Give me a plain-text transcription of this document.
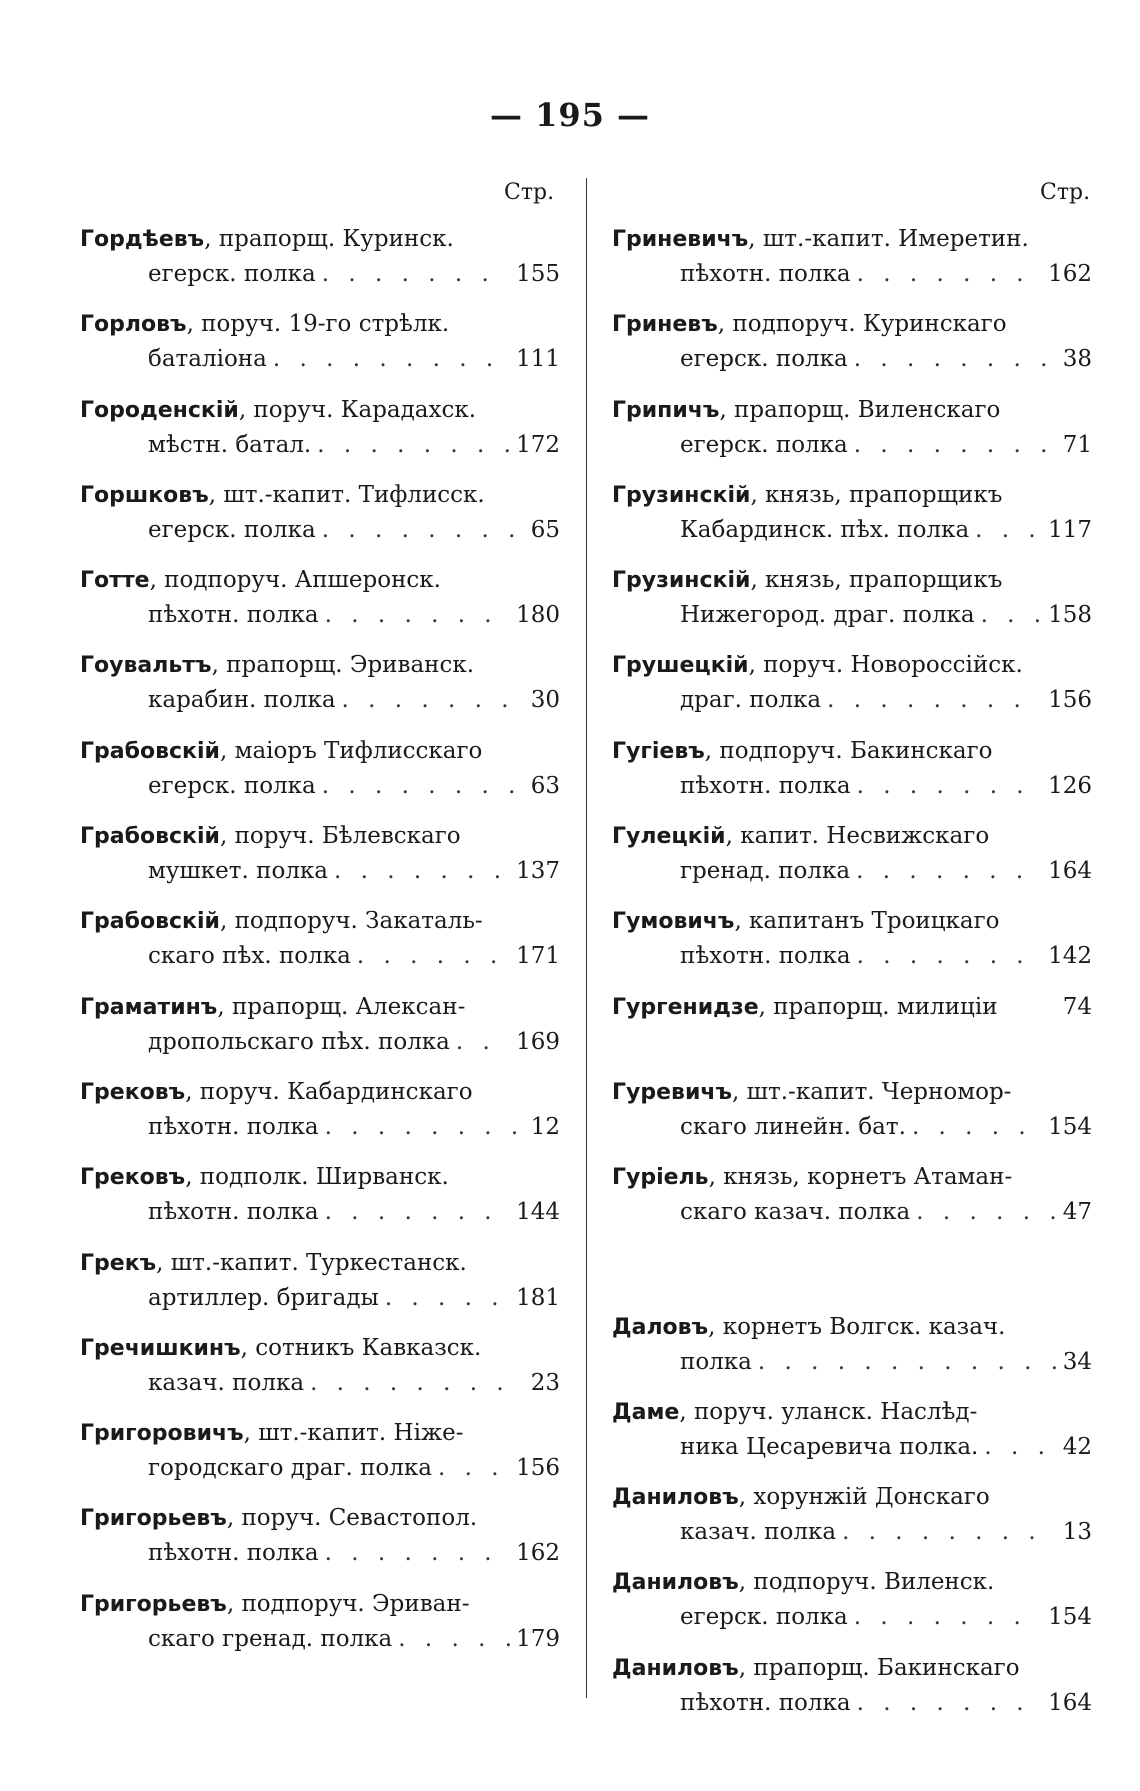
— 195 —
Стр.	Стр.
Гордѣевъ, прапорщ. Куринск.
егерск. полка . . .	155
Горловъ, поруч. 19-го стрѣлк.
баталіона . . .	111
Городенскій, поруч. Карадахск.
мѣстн. батал. . . .	172
Горшковъ, шт.-капит. Тифлисск.
егерск. полка . . .	65
Готте, подпоруч. Апшеронск.
пѣхотн. полка . . .	180
Гоувальтъ, прапорщ. Эриванск.
карабин. полка . . .	30
Грабовскій, маіоръ Тифлисскаго
егерск. полка . . .	63
Грабовскій, поруч. Бѣлевскаго
мушкет. полка . . .	137
Грабовскій, подпоруч. Закаталь-
скаго пѣх. полка . . .	171
Граматинъ, прапорщ. Алексан-
дропольскаго пѣх. полка . . .	169
Грековъ, поруч. Кабардинскаго
пѣхотн. полка . . .	12
Грековъ, подполк. Ширванск.
пѣхотн. полка . . .	144
Грекъ, шт.-капит. Туркестанск.
артиллер. бригады . . .	181
Гречишкинъ, сотникъ Кавказск.
казач. полка . . .	23
Григоровичъ, шт.-капит. Нiже-
городскаго драг. полка . . .	156
Григорьевъ, поруч. Севастопол.
пѣхотн. полка . . .	162
Григорьевъ, подпоруч. Эриван-
скаго гренад. полка . . .	179
Гриневичъ, шт.-капит. Имеретин.
пѣхотн. полка . . .	162
Гриневъ, подпоруч. Куринскаго
егерск. полка . . .	38
Грипичъ, прапорщ. Виленскаго
егерск. полка . . .	71
Грузинскій, князь, прапорщикъ
Кабардинск. пѣх. полка . . .	117
Грузинскій, князь, прапорщикъ
Нижегород. драг. полка . . .	158
Грушецкій, поруч. Новороссійск.
драг. полка . . .	156
Гугіевъ, подпоруч. Бакинскаго
пѣхотн. полка . . .	126
Гулецкій, капит. Несвижскаго
гренад. полка . . .	164
Гумовичъ, капитанъ Троицкаго
пѣхотн. полка . . .	142
Гургенидзе , прапорщ. милиціи	74
Гуревичъ, шт.-капит. Черномор-
скаго линейн. бат. . . .	154
Гуріель, князь, корнетъ Атаман-
скаго казач. полка . . .	47
Даловъ, корнетъ Волгск. казач.
полка . . .	34
Даме, поруч. уланск. Наслѣд-
ника Цесаревича полка. . . .	42
Даниловъ, хорунжій Донскаго
казач. полка . . .	13
Даниловъ, подпоруч. Виленск.
егерск. полка . . .	154
Даниловъ, прапорщ. Бакинскаго
пѣхотн. полка . . .	164
